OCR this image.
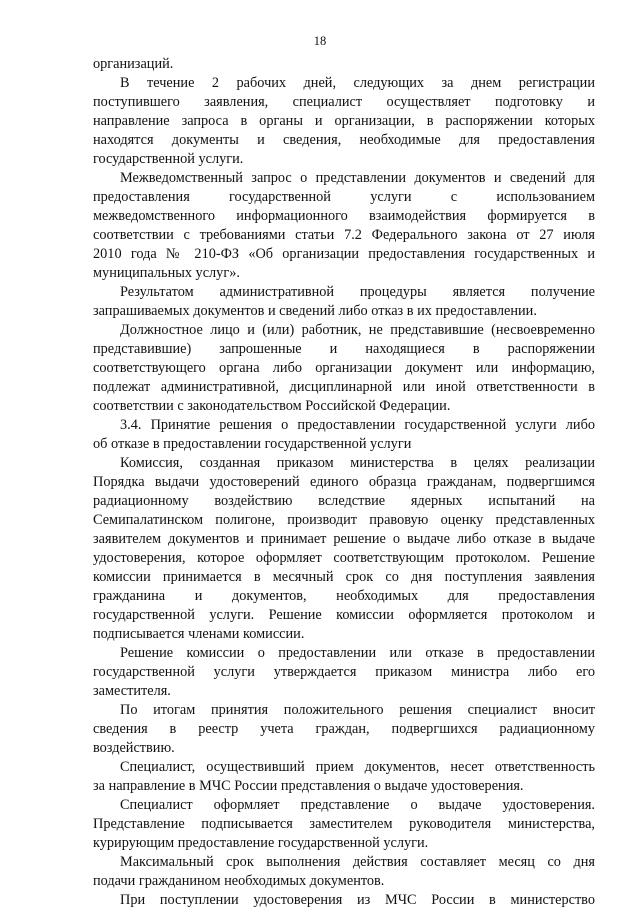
18
организаций.
В течение 2 рабочих дней, следующих за днем регистрации
поступившего заявления, специалист осуществляет подготовку и
направление запроса в органы и организации, в распоряжении которых
находятся документы и сведения, необходимые для предоставления
государственной услуги.
Межведомственный запрос о представлении документов и сведений для
предоставления государственной услуги с использованием
межведомственного информационного взаимодействия формируется в
соответствии с требованиями статьи 7.2 Федерального закона от 27 июля
2010 года № 210-ФЗ «Об организации предоставления государственных и
муниципальных услуг».
Результатом административной процедуры является получение
запрашиваемых документов и сведений либо отказ в их предоставлении.
Должностное лицо и (или) работник, не представившие (несвоевременно
представившие) запрошенные и находящиеся в распоряжении
соответствующего органа либо организации документ или информацию,
подлежат административной, дисциплинарной или иной ответственности в
соответствии с законодательством Российской Федерации.
3.4. Принятие решения о предоставлении государственной услуги либо
об отказе в предоставлении государственной услуги
Комиссия, созданная приказом министерства в целях реализации
Порядка выдачи удостоверений единого образца гражданам, подвергшимся
радиационному воздействию вследствие ядерных испытаний на
Семипалатинском полигоне, производит правовую оценку представленных
заявителем документов и принимает решение о выдаче либо отказе в выдаче
удостоверения, которое оформляет соответствующим протоколом. Решение
комиссии принимается в месячный срок со дня поступления заявления
гражданина и документов, необходимых для предоставления
государственной услуги. Решение комиссии оформляется протоколом и
подписывается членами комиссии.
Решение комиссии о предоставлении или отказе в предоставлении
государственной услуги утверждается приказом министра либо его
заместителя.
По итогам принятия положительного решения специалист вносит
сведения в реестр учета граждан, подвергшихся радиационному
воздействию.
Специалист, осуществивший прием документов, несет ответственность
за направление в МЧС России представления о выдаче удостоверения.
Специалист оформляет представление о выдаче удостоверения.
Представление подписывается заместителем руководителя министерства,
курирующим предоставление государственной услуги.
Максимальный срок выполнения действия составляет месяц со дня
подачи гражданином необходимых документов.
При поступлении удостоверения из МЧС России в министерство
